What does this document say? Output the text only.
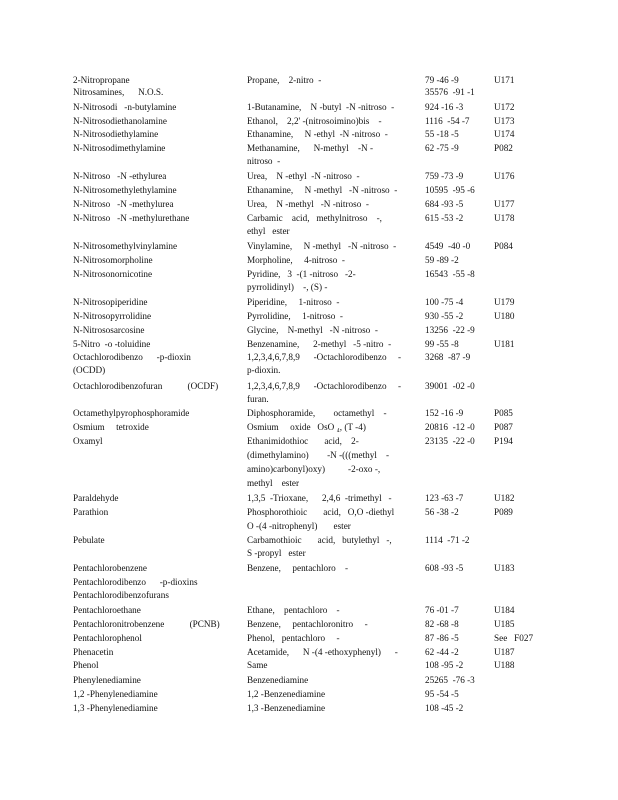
2-Nitropropane	Propane,    2-nitro  -	79 -46 -9	U171
Nitrosamines,      N.O.S.	35576  -91 -1
N-Nitrosodi   -n-butylamine	1-Butanamine,    N -butyl  -N -nitroso  -	924 -16 -3	U172
N-Nitrosodiethanolamine	Ethanol,    2,2' -(nitrosoimino)bis    -	1116  -54 -7	U173
N-Nitrosodiethylamine	Ethanamine,     N -ethyl  -N -nitroso  -	55 -18 -5	U174
N-Nitrosodimethylamine	Methanamine,      N-methyl    -N -	62 -75 -9	P082
nitroso  -
N-Nitroso   -N -ethylurea	Urea,    N -ethyl  -N -nitroso  -	759 -73 -9	U176
N-Nitrosomethylethylamine	Ethanamine,     N -methyl   -N -nitroso  -	10595  -95 -6
N-Nitroso   -N -methylurea	Urea,    N -methyl   -N -nitroso  -	684 -93 -5	U177
N-Nitroso   -N -methylurethane	Carbamic    acid,   methylnitroso    -,	615 -53 -2	U178
ethyl   ester
N-Nitrosomethylvinylamine	Vinylamine,     N -methyl   -N -nitroso  -	4549  -40 -0	P084
N-Nitrosomorpholine	Morpholine,     4-nitroso  -	59 -89 -2
N-Nitrosonornicotine	Pyridine,   3  -(1 -nitroso   -2-	16543  -55 -8
pyrrolidinyl)    -, (S) -
N-Nitrosopiperidine	Piperidine,     1-nitroso  -	100 -75 -4	U179
N-Nitrosopyrrolidine	Pyrrolidine,     1-nitroso  -	930 -55 -2	U180
N-Nitrososarcosine	Glycine,    N-methyl   -N -nitroso  -	13256  -22 -9
5-Nitro  -o -toluidine	Benzenamine,      2-methyl   -5 -nitro  -	99 -55 -8	U181
Octachlorodibenzo      -p-dioxin	1,2,3,4,6,7,8,9      -Octachlorodibenzo     -	3268  -87 -9
(OCDD)	p-dioxin.
Octachlorodibenzofuran           (OCDF)	1,2,3,4,6,7,8,9      -Octachlorodibenzo     -	39001  -02 -0
furan.
Octamethylpyrophosphoramide	Diphosphoramide,        octamethyl    -	152 -16 -9	P085
Osmium     tetroxide	Osmium     oxide   OsO ₄, (T -4)	20816  -12 -0 P087
Oxamyl	Ethanimidothioc       acid,    2-	23135  -22 -0 P194
(dimethylamino)        -N -(((methyl    -
amino)carbonyl)oxy)          -2-oxo -,
methyl    ester
Paraldehyde	1,3,5  -Trioxane,      2,4,6  -trimethyl   -	123 -63 -7	U182
Parathion	Phosphorothioic       acid,   O,O -diethyl	56 -38 -2	P089
O -(4 -nitrophenyl)       ester
Pebulate	Carbamothioic       acid,   butylethyl   -,	1114  -71 -2
S -propyl   ester
Pentachlorobenzene	Benzene,     pentachloro    -	608 -93 -5	U183
Pentachlorodibenzo      -p-dioxins
Pentachlorodibenzofurans
Pentachloroethane	Ethane,    pentachloro    -	76 -01 -7	U184
Pentachloronitrobenzene           (PCNB)	Benzene,     pentachloronitro     -	82 -68 -8	U185
Pentachlorophenol	Phenol,   pentachloro     -	87 -86 -5	See   F027
Phenacetin	Acetamide,      N -(4 -ethoxyphenyl)      -	62 -44 -2	U187
Phenol	Same	108 -95 -2	U188
Phenylenediamine	Benzenediamine	25265  -76 -3
1,2 -Phenylenediamine	1,2 -Benzenediamine	95 -54 -5
1,3 -Phenylenediamine	1,3 -Benzenediamine	108 -45 -2
